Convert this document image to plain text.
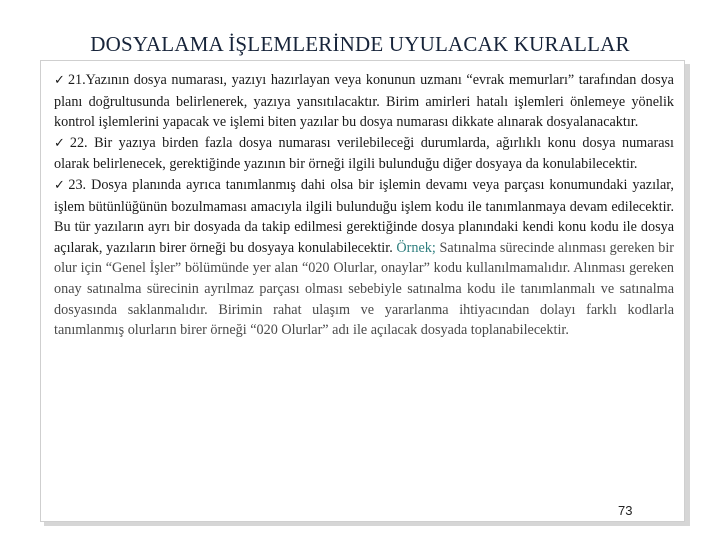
DOSYALAMA İŞLEMLERİNDE UYULACAK KURALLAR

✓ 21.Yazının dosya numarası, yazıyı hazırlayan veya konunun uzmanı “evrak memurları” tarafından dosya planı doğrultusunda belirlenerek, yazıya yansıtılacaktır. Birim amirleri hatalı işlemleri önlemeye yönelik kontrol işlemlerini yapacak ve işlemi biten yazılar bu dosya numarası dikkate alınarak dosyalanacaktır.

✓ 22. Bir yazıya birden fazla dosya numarası verilebileceği durumlarda, ağırlıklı konu dosya numarası olarak belirlenecek, gerektiğinde yazının bir örneği ilgili bulunduğu diğer dosyaya da konulabilecektir.

✓ 23. Dosya planında ayrıca tanımlanmış dahi olsa bir işlemin devamı veya parçası konumundaki yazılar, işlem bütünlüğünün bozulmaması amacıyla ilgili bulunduğu işlem kodu ile tanımlanmaya devam edilecektir. Bu tür yazıların ayrı bir dosyada da takip edilmesi gerektiğinde dosya planındaki kendi konu kodu ile dosya açılarak, yazıların birer örneği bu dosyaya konulabilecektir. Örnek; Satınalma sürecinde alınması gereken bir olur için “Genel İşler” bölümünde yer alan “020 Olurlar, onaylar” kodu kullanılmamalıdır. Alınması gereken onay satınalma sürecinin ayrılmaz parçası olması sebebiyle satınalma kodu ile tanımlanmalı ve satınalma dosyasında saklanmalıdır. Birimin rahat ulaşım ve yararlanma ihtiyacından dolayı farklı kodlarla tanımlanmış olurların birer örneği “020 Olurlar” adı ile açılacak dosyada toplanabilecektir.

73
